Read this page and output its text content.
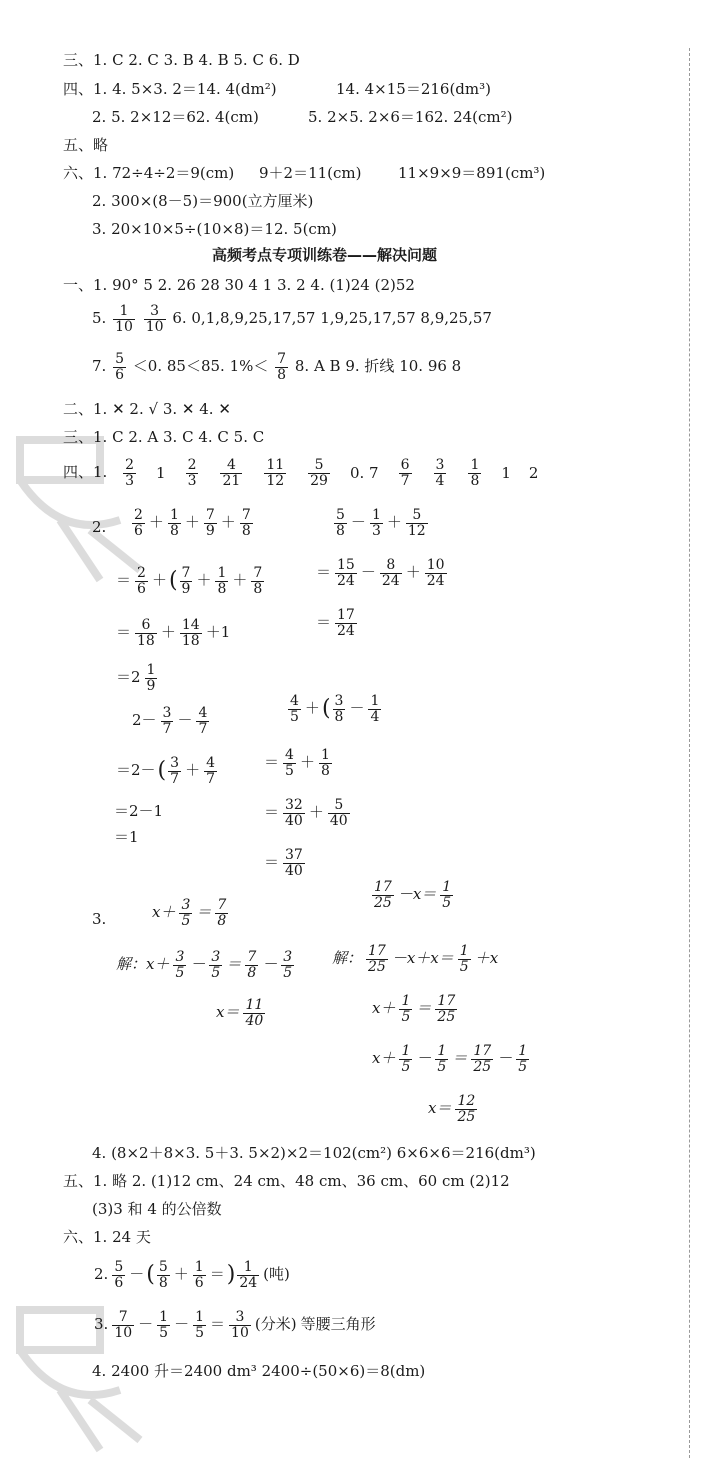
三、1. C 2. C 3. B 4. B 5. C 6. D
四、1. 4. 5×3. 2＝14. 4(dm²)	14. 4×15＝216(dm³)
2. 5. 2×12＝62. 4(cm)	5. 2×5. 2×6＝162. 24(cm²)
五、略
六、1. 72÷4÷2＝9(cm) 9＋2＝11(cm) 11×9×9＝891(cm³)
2. 300×(8－5)＝900(立方厘米)
3. 20×10×5÷(10×8)＝12. 5(cm)
高频考点专项训练卷——解决问题
一、1. 90° 5 2. 26 28 30 4 1 3. 2 4. (1)24 (2)52
5. $\frac{1}{10}$
$\frac{3}{10} 6$. 0,1,8,9,25,17,57 1,9,25,17,57 8,9,25,57
7. $\frac{5}{6} <0$. 85＜85. $1\%< \frac{7}{8} 8$. A B 9. 折线 10. 96 8
二、1. ✕ 2. √ 3. ✕ 4. ✕
三、1. C 2. A 3. C 4. C 5. C
四、1. $\frac{2}{3} 1 \frac{2}{3} \frac{4}{21} \frac{11}{12} \frac{5}{29} 0$. $7 \frac{6}{7} \frac{3}{4} \frac{1}{8} 1$ 2
2. $\frac{2}{6} + \frac{1}{8} + \frac{7}{9} + \frac{7}{8}$
＝ $\frac{2}{6}$ ＋( $\frac{7}{9} + \frac{1}{8} + \frac{7}{8}$
＝ $\frac{6}{18} + \frac{14}{18} +1$
$=2 \frac{1}{9}$
$\frac{5}{8} - \frac{1}{3} + \frac{5}{12}$
＝ $\frac{15}{24} - \frac{8}{24} + \frac{10}{24}$
＝ $\frac{17}{24}$
$2- \frac{3}{7} - \frac{4}{7}$
$=2-( \frac{3}{7} + \frac{4}{7}$
＝2－1
＝1
$\frac{4}{5}$ ＋( $\frac{3}{8} - \frac{1}{4}$
＝ $\frac{4}{5} + \frac{1}{8}$
＝ $\frac{32}{40} + \frac{5}{40}$
＝ $\frac{37}{40}$
3.	$x+ \frac{3}{5} = \frac{7}{8}$
解：$x+ \frac{3}{5} - \frac{3}{5} = \frac{7}{8} - \frac{3}{5}$
$x= \frac{11}{40}$
$\frac{17}{25} -x= \frac{1}{5}$
解： $\frac{17}{25} -x+x= \frac{1}{5} +x$
$x+ \frac{1}{5} = \frac{17}{25}$
$x+ \frac{1}{5} - \frac{1}{5} = \frac{17}{25} - \frac{1}{5}$
$x= \frac{12}{25}$
4. (8×2＋8×3. 5＋3. 5×2)×2＝102(cm²) 6×6×6＝216(dm³)
五、1. 略 2. (1)12 cm、24 cm、48 cm、36 cm、60 cm (2)12
(3)3 和 4 的公倍数
六、1. 24 天
2. $\frac{5}{6}$ －( $\frac{5}{8} + \frac{1}{6}$ ＝) $\frac{1}{24}$ (吨)
3. $\frac{7}{10} - \frac{1}{5} - \frac{1}{5} = \frac{3}{10}$ (分米) 等腰三角形
4. 2400 升＝2400 dm³ 2400÷(50×6)＝8(dm)
